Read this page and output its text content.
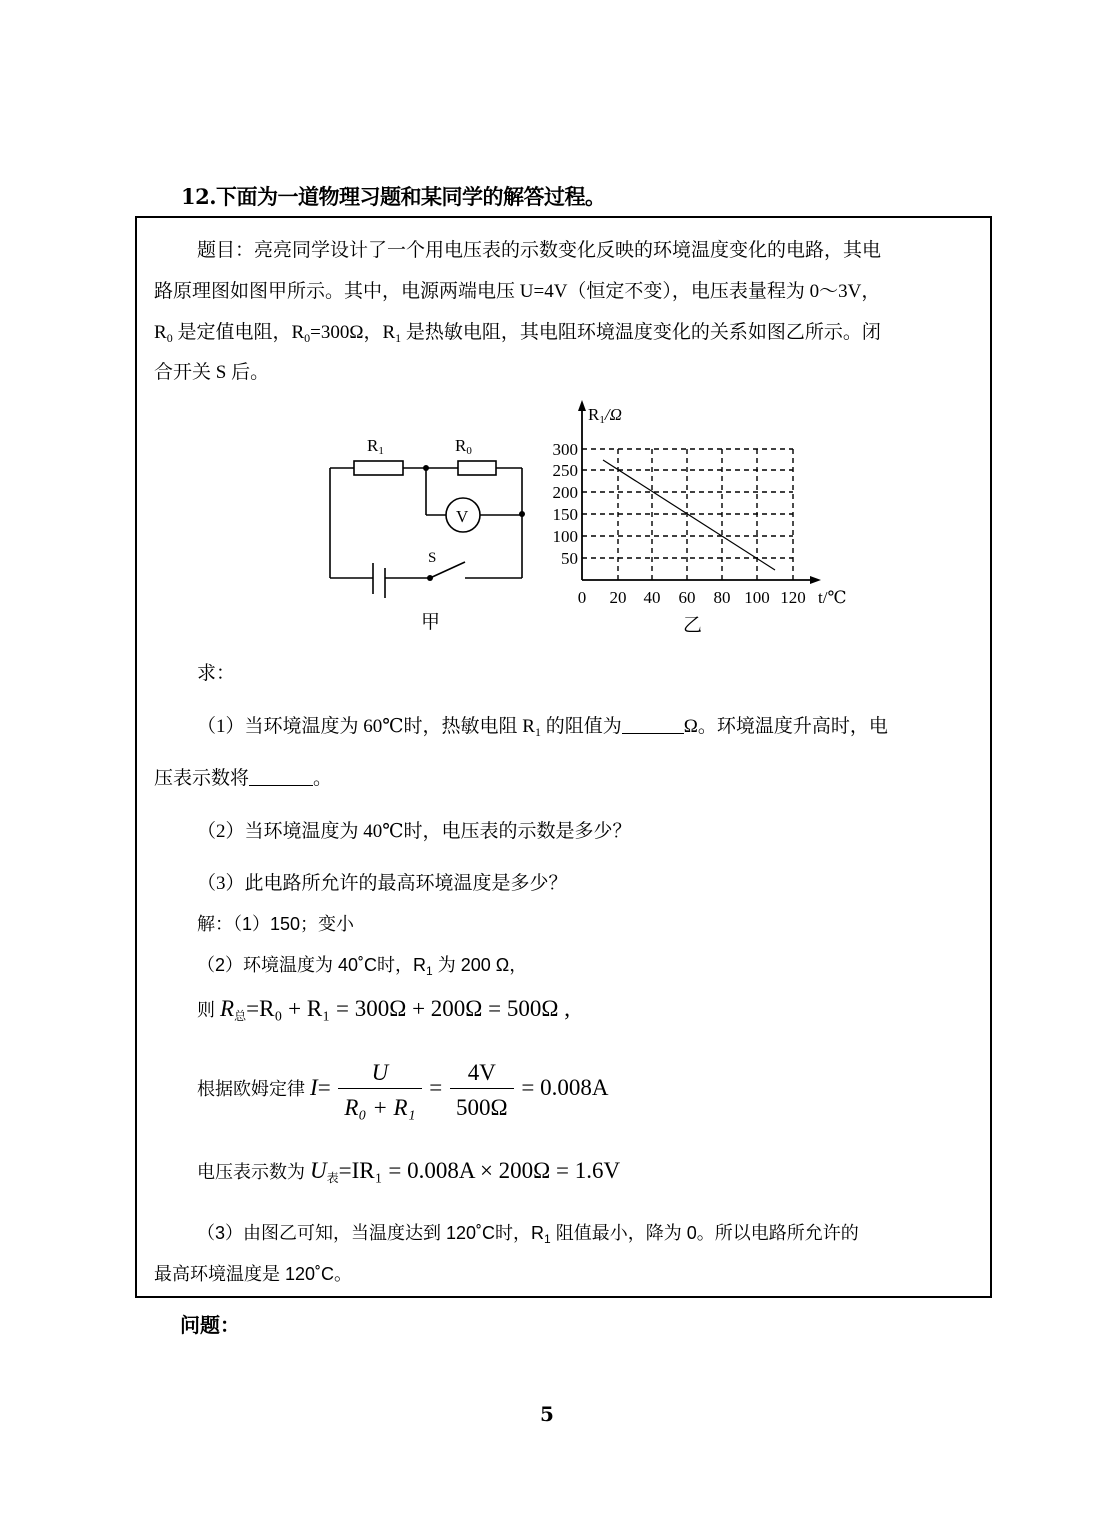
12.下面为一道物理习题和某同学的解答过程。
题目：亮亮同学设计了一个用电压表的示数变化反映的环境温度变化的电路，其电
路原理图如图甲所示。其中，电源两端电压 U=4V（恒定不变），电压表量程为 0～3V，
$R_0$ 是定值电阻，$R_0=300\Omega$，$R_1$ 是热敏电阻，其电阻环境温度变化的关系如图乙所示。闭
合开关 S 后。
R1	R0
V
S
甲
R1/Ω
300
250
200
150
100
50
0 20 40 60 80 100 120 t/℃
乙
求：
（1）当环境温度为 60℃时，热敏电阻 $R_1$ 的阻值为	Ω。环境温度升高时，电
压表示数将	。
（2）当环境温度为 40℃时，电压表的示数是多少？
（3）此电路所允许的最高环境温度是多少？
解：（1）150；变小
（2）环境温度为 40˚C时，$R_1$ 为 200 Ω，
则 $R_总=R_0 + R_1 = 300\Omega + 200\Omega = 500\Omega$ ,
根据欧姆定律 $I= \frac{U}{\text{R₀ + R₁}} = \frac{4V}{500\Omega} = 0.008A$
电压表示数为 $U_表=IR_1 = 0.008A \times 200\Omega = 1.6V$
（3）由图乙可知，当温度达到 120˚C时，$R_1$ 阻值最小，降为 0。所以电路所允许的
最高环境温度是 120˚C。
问题：
5
